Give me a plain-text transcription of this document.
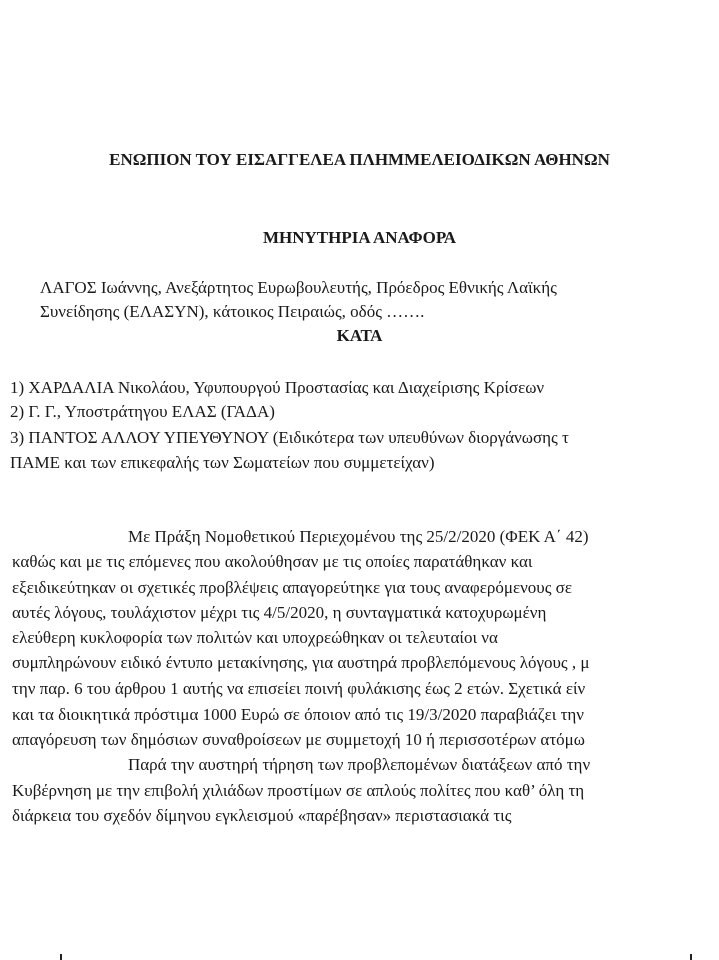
ΕΝΩΠΙΟΝ ΤΟΥ ΕΙΣΑΓΓΕΛΕΑ ΠΛΗΜΜΕΛΕΙΟΔΙΚΩΝ ΑΘΗΝΩΝ
ΜΗΝΥΤΗΡΙΑ ΑΝΑΦΟΡΑ
ΛΑΓΟΣ Ιωάννης, Ανεξάρτητος Ευρωβουλευτής, Πρόεδρος Εθνικής Λαϊκής
Συνείδησης (ΕΛΑΣΥΝ), κάτοικος Πειραιώς, οδός …….
ΚΑΤΑ
1) ΧΑΡΔΑΛΙΑ Νικολάου, Υφυπουργού Προστασίας και Διαχείρισης Κρίσεων
2) Γ. Γ., Υποστράτηγου ΕΛΑΣ (ΓΑΔΑ)
3) ΠΑΝΤΟΣ ΑΛΛΟΥ ΥΠΕΥΘΥΝΟΥ (Ειδικότερα των υπευθύνων διοργάνωσης τ
ΠΑΜΕ και των επικεφαλής των Σωματείων που συμμετείχαν)
Με Πράξη Νομοθετικού Περιεχομένου της 25/2/2020 (ΦΕΚ Α΄ 42)
καθώς και με τις επόμενες που ακολούθησαν με τις οποίες παρατάθηκαν και
εξειδικεύτηκαν οι σχετικές προβλέψεις απαγορεύτηκε για τους αναφερόμενους σε
αυτές λόγους, τουλάχιστον μέχρι τις 4/5/2020, η συνταγματικά κατοχυρωμένη
ελεύθερη κυκλοφορία των πολιτών και υποχρεώθηκαν οι τελευταίοι να
συμπληρώνουν ειδικό έντυπο μετακίνησης, για αυστηρά προβλεπόμενους λόγους , μ
την παρ. 6 του άρθρου 1 αυτής να επισείει ποινή φυλάκισης έως 2 ετών. Σχετικά είν
και τα διοικητικά πρόστιμα 1000 Ευρώ σε όποιον από τις 19/3/2020 παραβιάζει την
απαγόρευση των δημόσιων συναθροίσεων με συμμετοχή 10 ή περισσοτέρων ατόμω
Παρά την αυστηρή τήρηση των προβλεπομένων διατάξεων από την
Κυβέρνηση με την επιβολή χιλιάδων προστίμων σε απλούς πολίτες που καθ’ όλη τη
διάρκεια του σχεδόν δίμηνου εγκλεισμού «παρέβησαν» περιστασιακά τις
